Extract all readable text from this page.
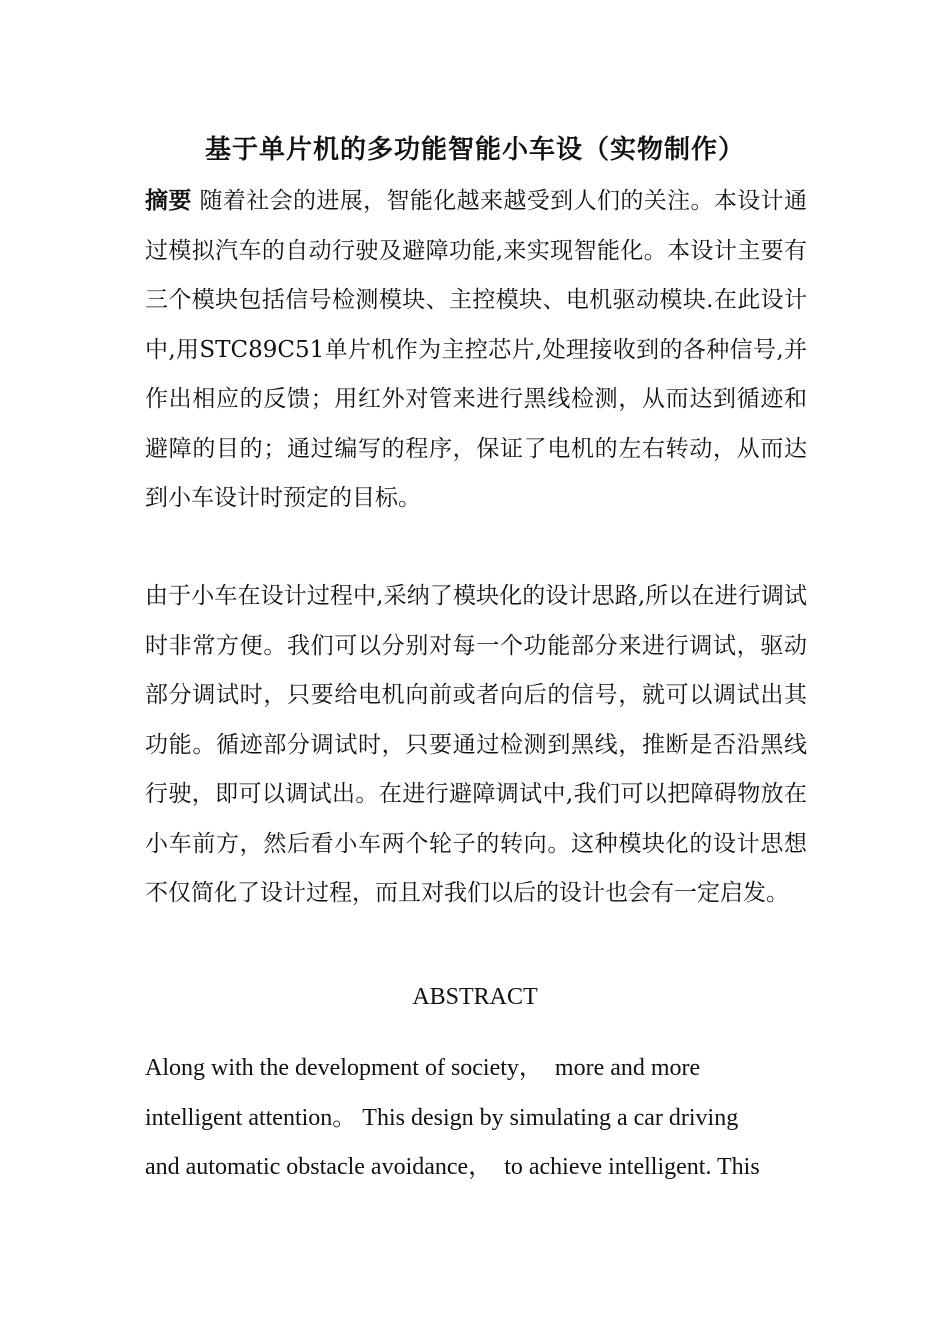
基于单片机的多功能智能小车设（实物制作）
摘要 随着社会的进展，智能化越来越受到人们的关注。本设计通过模拟汽车的自动行驶及避障功能,来实现智能化。本设计主要有三个模块包括信号检测模块、主控模块、电机驱动模块.在此设计中,用STC89C51单片机作为主控芯片,处理接收到的各种信号,并作出相应的反馈；用红外对管来进行黑线检测，从而达到循迹和避障的目的；通过编写的程序，保证了电机的左右转动，从而达到小车设计时预定的目标。
由于小车在设计过程中,采纳了模块化的设计思路,所以在进行调试时非常方便。我们可以分别对每一个功能部分来进行调试，驱动部分调试时，只要给电机向前或者向后的信号，就可以调试出其功能。循迹部分调试时，只要通过检测到黑线，推断是否沿黑线行驶，即可以调试出。在进行避障调试中,我们可以把障碍物放在小车前方，然后看小车两个轮子的转向。这种模块化的设计思想不仅简化了设计过程，而且对我们以后的设计也会有一定启发。
ABSTRACT
Along with the development of society，  more and more
intelligent attention。 This design by simulating a car driving
and automatic obstacle avoidance，  to achieve intelligent. This
